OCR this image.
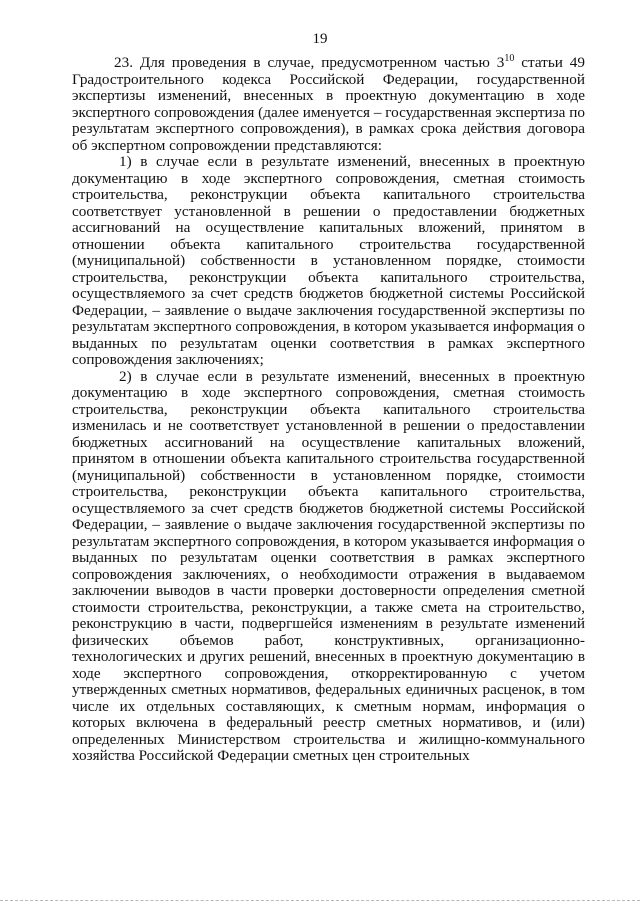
19

23. Для проведения в случае, предусмотренном частью $3^{10}$ статьи 49 Градостроительного кодекса Российской Федерации, государственной экспертизы изменений, внесенных в проектную документацию в ходе экспертного сопровождения (далее именуется – государственная экспертиза по результатам экспертного сопровождения), в рамках срока действия договора об экспертном сопровождении представляются:

1) в случае если в результате изменений, внесенных в проектную документацию в ходе экспертного сопровождения, сметная стоимость строительства, реконструкции объекта капитального строительства соответствует установленной в решении о предоставлении бюджетных ассигнований на осуществление капитальных вложений, принятом в отношении объекта капитального строительства государственной (муниципальной) собственности в установленном порядке, стоимости строительства, реконструкции объекта капитального строительства, осуществляемого за счет средств бюджетов бюджетной системы Российской Федерации, – заявление о выдаче заключения государственной экспертизы по результатам экспертного сопровождения, в котором указывается информация о выданных по результатам оценки соответствия в рамках экспертного сопровождения заключениях;

2) в случае если в результате изменений, внесенных в проектную документацию в ходе экспертного сопровождения, сметная стоимость строительства, реконструкции объекта капитального строительства изменилась и не соответствует установленной в решении о предоставлении бюджетных ассигнований на осуществление капитальных вложений, принятом в отношении объекта капитального строительства государственной (муниципальной) собственности в установленном порядке, стоимости строительства, реконструкции объекта капитального строительства, осуществляемого за счет средств бюджетов бюджетной системы Российской Федерации, – заявление о выдаче заключения государственной экспертизы по результатам экспертного сопровождения, в котором указывается информация о выданных по результатам оценки соответствия в рамках экспертного сопровождения заключениях, о необходимости отражения в выдаваемом заключении выводов в части проверки достоверности определения сметной стоимости строительства, реконструкции, а также смета на строительство, реконструкцию в части, подвергшейся изменениям в результате изменений физических объемов работ, конструктивных, организационно-технологических и других решений, внесенных в проектную документацию в ходе экспертного сопровождения, откорректированную с учетом утвержденных сметных нормативов, федеральных единичных расценок, в том числе их отдельных составляющих, к сметным нормам, информация о которых включена в федеральный реестр сметных нормативов, и (или) определенных Министерством строительства и жилищно-коммунального хозяйства Российской Федерации сметных цен строительных
